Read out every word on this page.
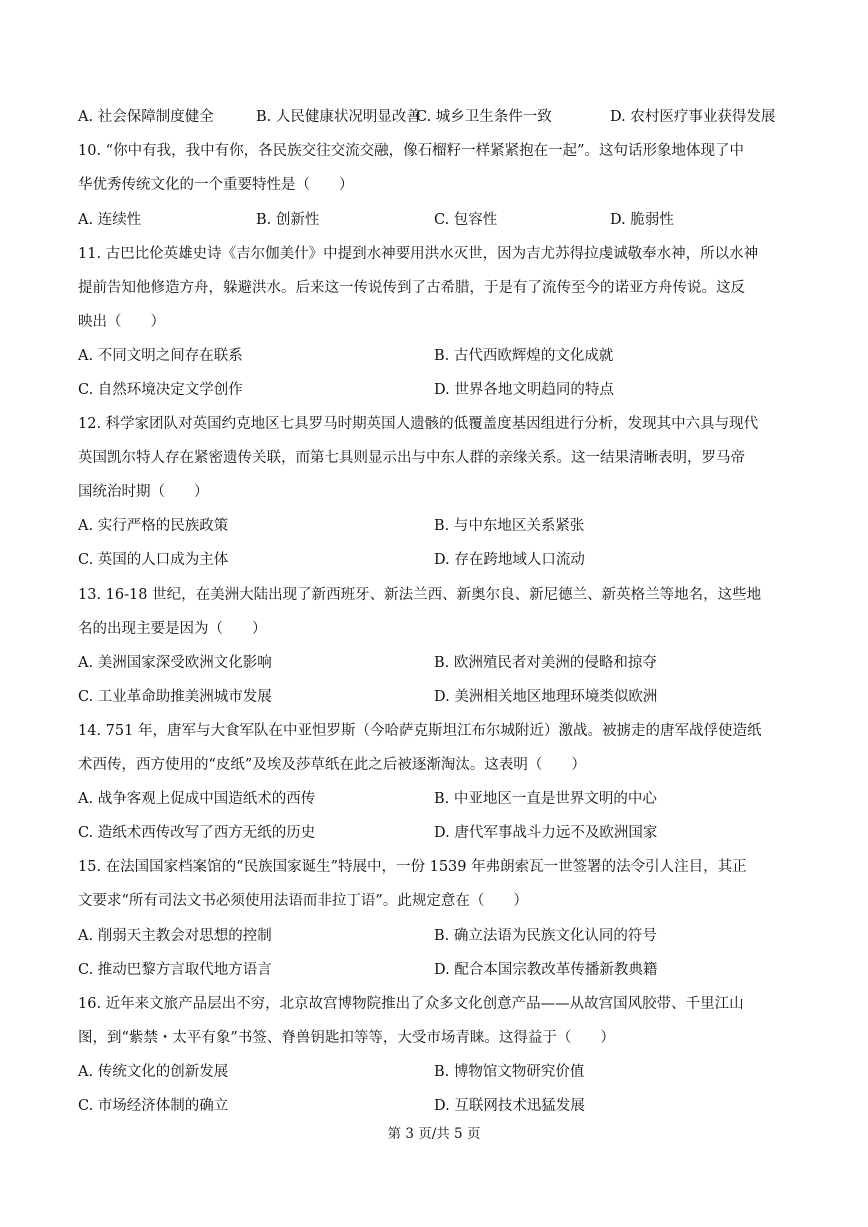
A. 社会保障制度健全	B. 人民健康状况明显改善
C. 城乡卫生条件一致	D. 农村医疗事业获得发展
10. “你中有我，我中有你，各民族交往交流交融，像石榴籽一样紧紧抱在一起”。这句话形象地体现了中
华优秀传统文化的一个重要特性是（　　）
A. 连续性	B. 创新性	C. 包容性	D. 脆弱性
11. 古巴比伦英雄史诗《吉尔伽美什》中提到水神要用洪水灭世，因为吉尤苏得拉虔诚敬奉水神，所以水神
提前告知他修造方舟，躲避洪水。后来这一传说传到了古希腊，于是有了流传至今的诺亚方舟传说。这反
映出（　　）
A. 不同文明之间存在联系	B. 古代西欧辉煌的文化成就
C. 自然环境决定文学创作	D. 世界各地文明趋同的特点
12. 科学家团队对英国约克地区七具罗马时期英国人遗骸的低覆盖度基因组进行分析，发现其中六具与现代
英国凯尔特人存在紧密遗传关联，而第七具则显示出与中东人群的亲缘关系。这一结果清晰表明，罗马帝
国统治时期（　　）
A. 实行严格的民族政策	B. 与中东地区关系紧张
C. 英国的人口成为主体	D. 存在跨地域人口流动
13. 16-18 世纪，在美洲大陆出现了新西班牙、新法兰西、新奥尔良、新尼德兰、新英格兰等地名，这些地
名的出现主要是因为（　　）
A. 美洲国家深受欧洲文化影响	B. 欧洲殖民者对美洲的侵略和掠夺
C. 工业革命助推美洲城市发展	D. 美洲相关地区地理环境类似欧洲
14. 751 年，唐军与大食军队在中亚怛罗斯（今哈萨克斯坦江布尔城附近）激战。被掳走的唐军战俘使造纸
术西传，西方使用的“皮纸”及埃及莎草纸在此之后被逐渐淘汰。这表明（　　）
A. 战争客观上促成中国造纸术的西传	B. 中亚地区一直是世界文明的中心
C. 造纸术西传改写了西方无纸的历史	D. 唐代军事战斗力远不及欧洲国家
15. 在法国国家档案馆的“民族国家诞生”特展中，一份 1539 年弗朗索瓦一世签署的法令引人注目，其正
文要求“所有司法文书必须使用法语而非拉丁语”。此规定意在（　　）
A. 削弱天主教会对思想的控制	B. 确立法语为民族文化认同的符号
C. 推动巴黎方言取代地方语言	D. 配合本国宗教改革传播新教典籍
16. 近年来文旅产品层出不穷，北京故宫博物院推出了众多文化创意产品——从故宫国风胶带、千里江山
图，到“紫禁・太平有象”书签、脊兽钥匙扣等等，大受市场青睐。这得益于（　　）
A. 传统文化的创新发展	B. 博物馆文物研究价值
C. 市场经济体制的确立	D. 互联网技术迅猛发展
第 3 页/共 5 页
